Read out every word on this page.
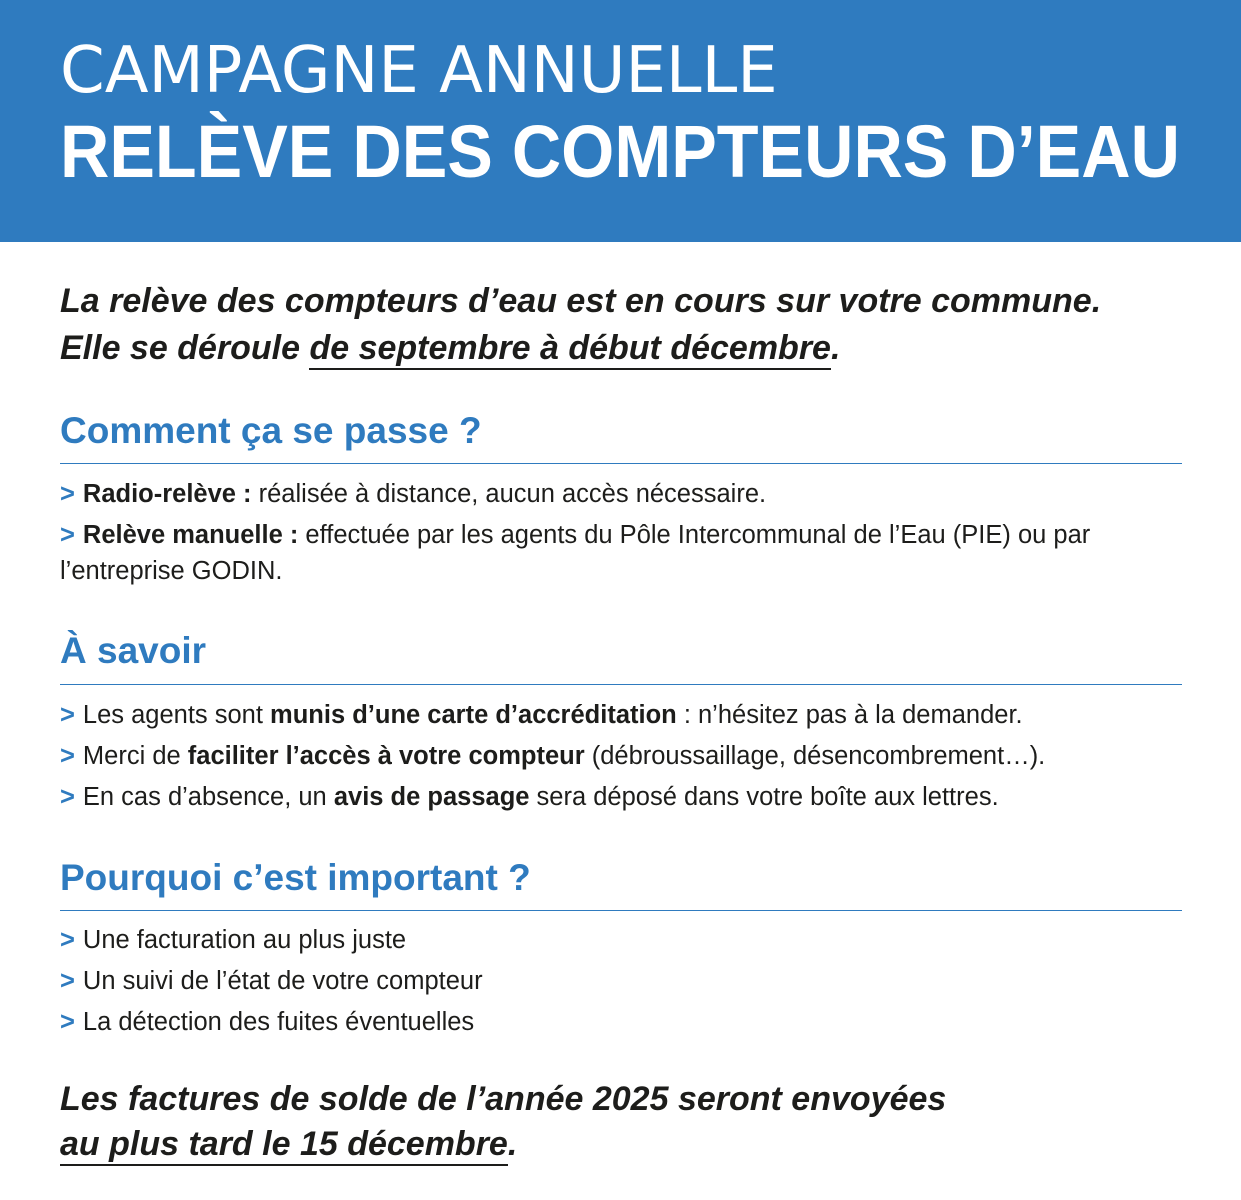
CAMPAGNE ANNUELLE
RELÈVE DES COMPTEURS D’EAU
La relève des compteurs d’eau est en cours sur votre commune.
Elle se déroule de septembre à début décembre.
Comment ça se passe ?
> Radio-relève : réalisée à distance, aucun accès nécessaire.
> Relève manuelle : effectuée par les agents du Pôle Intercommunal de l’Eau (PIE) ou par l’entreprise GODIN.
À savoir
> Les agents sont munis d’une carte d’accréditation : n’hésitez pas à la demander.
> Merci de faciliter l’accès à votre compteur (débroussaillage, désencombrement…).
> En cas d’absence, un avis de passage sera déposé dans votre boîte aux lettres.
Pourquoi c’est important ?
> Une facturation au plus juste
> Un suivi de l’état de votre compteur
> La détection des fuites éventuelles
Les factures de solde de l’année 2025 seront envoyées
au plus tard le 15 décembre.
